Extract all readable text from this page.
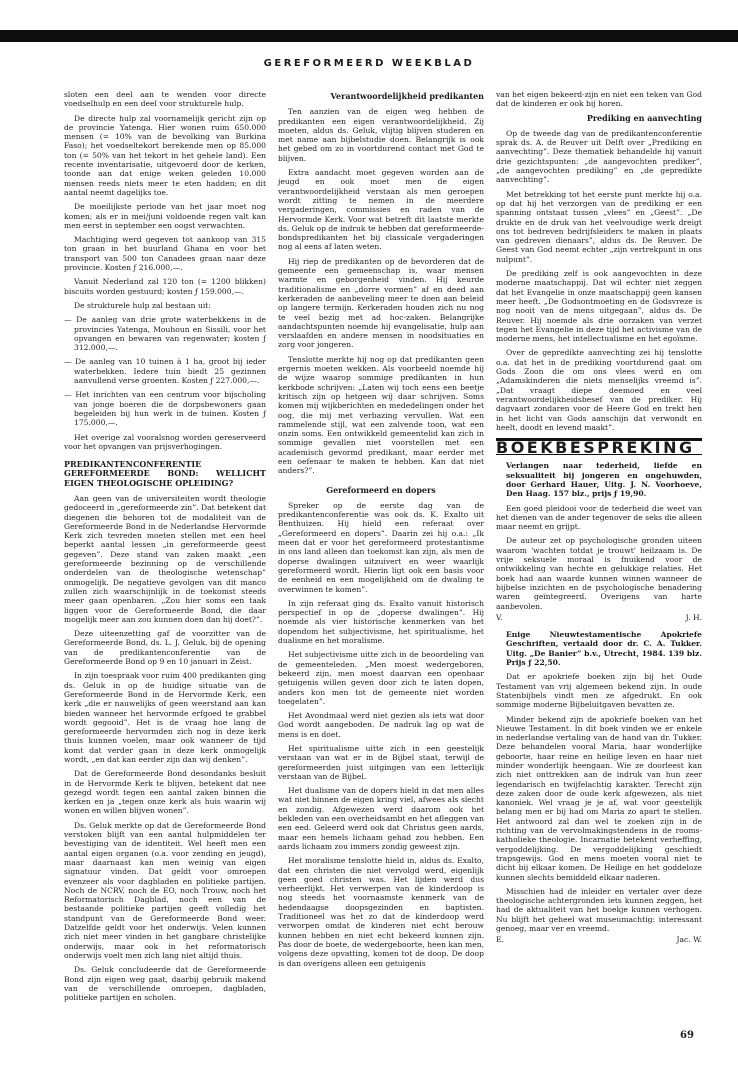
GEREFORMEERD WEEKBLAD

sloten een deel aan te wenden voor directe voedselhulp en een deel voor strukturele hulp.

De directe hulp zal voornamelijk gericht zijn op de provincie Yatenga. Hier wonen ruim 650.000 mensen (= 10% van de bevolking van Burkina Faso); het voedseltekort berekende men op 85.000 ton (= 50% van het tekort in het gehele land). Een recente inventarisatie, uitgevoerd door de kerken, toonde aan dat enige weken geleden 10.000 mensen reeds niets meer te eten hadden; en dit aantal neemt dagelijks toe.

De moeilijkste periode van het jaar moet nog komen; als er in mei/juni voldoende regen valt kan men eerst in september een oogst verwachten.

Machtiging werd gegeven tot aankoop van 315 ton graan in het buurland Ghana en voor het transport van 500 ton Canadees graan naar deze provincie. Kosten ƒ 216.000,—.

Vanuit Nederland zal 120 ton (= 1200 blikken) biscuits worden gestuurd; kosten ƒ 159.000,—.

De strukturele hulp zal bestaan uit:

— De aanleg van drie grote waterbekkens in de provincies Yatenga, Mouhoun en Sissili, voor het opvangen en bewaren van regenwater; kosten ƒ 312.000,—.
— De aanleg van 10 tuinen à 1 ha, groot bij ieder waterbekken. Iedere tuin biedt 25 gezinnen aanvullend verse groenten. Kosten ƒ 227.000,—.
— Het inrichten van een centrum voor bijscholing van jonge boeren die de dorpsbewoners gaan begeleiden bij hun werk in de tuinen. Kosten ƒ 175.000,—.

Het overige zal vooralsnog worden gereserveerd voor het opvangen van prijsverhogingen.

PREDIKANTENCONFERENTIE GEREFORMEERDE BOND: WELLICHT EIGEN THEOLOGISCHE OPLEIDING?

Aan geen van de universiteiten wordt theologie gedoceerd in „gereformeerde zin”. Dat betekent dat diegenen die behoren tot de modaliteit van de Gereformeerde Bond in de Nederlandse Hervormde Kerk zich tevreden moeten stellen met een heel beperkt aantal lessen „in gereformeerde geest gegeven”. Deze stand van zaken maakt „een gereformeerde bezinning op de verschillende onderdelen van de theologische wetenschap” onmogelijk. De negatieve gevolgen van dit manco zullen zich waarschijnlijk in de toekomst steeds meer gaan openbaren. „Zou hier soms een taak liggen voor de Gereformeerde Bond, die daar mogelijk meer aan zou kunnen doen dan hij doet?”.

Deze uiteenzetting gaf de voorzitter van de Gereformeerde Bond, ds. L. J. Geluk, bij de opening van de predikantenconferentie van de Gereformeerde Bond op 9 en 10 januari in Zeist.

In zijn toespraak voor ruim 400 predikanten ging ds. Geluk in op de huidige situatie van de Gereformeerde Bond in de Hervormde Kerk, een kerk „die er nauwelijks of geen weerstand aan kan bieden wanneer het hervormde erfgoed te grabbel wordt gegooid”. Het is de vraag hoe lang de gereformeerde hervormden zich nog in deze kerk thuis kunnen voelen, maar ook wanneer de tijd komt dat verder gaan in deze kerk onmogelijk wordt, „en dat kan eerder zijn dan wij denken”.

Dat de Gereformeerde Bond desondanks besluit in de Hervormde Kerk te blijven, betekent dat nee gezegd wordt tegen een aantal zaken binnen die kerken en ja „tegen onze kerk als huis waarin wij wonen en willen blijven wonen”.

Ds. Geluk merkte op dat de Gereformeerde Bond verstoken blijft van een aantal hulpmiddelen ter bevestiging van de identiteit. Wel heeft men een aantal eigen organen (o.a. voor zending en jeugd), maar daarnaast kan men weinig van eigen signatuur vinden. Dat geldt voor omroepen evenzeer als voor dagbladen en politieke partijen. Noch de NCRV, noch de EO, noch Trouw, noch het Reformatorisch Dagblad, noch een van de bestaande politieke partijen geeft volledig het standpunt van de Gereformeerde Bond weer. Datzelfde geldt voor het onderwijs. Velen kunnen zich niet meer vinden in het gangbare christelijke onderwijs, maar ook in het reformatorisch onderwijs voelt men zich lang niet altijd thuis.

Ds. Geluk concludeerde dat de Gereformeerde Bond zijn eigen weg gaat, daarbij gebruik makend van de verschillende omroepen, dagbladen, politieke partijen en scholen.

Verantwoordelijkheid predikanten

Ten aanzien van de eigen weg hebben de predikanten een eigen verantwoordelijkheid. Zij moeten, aldus ds. Geluk, vlijtig blijven studeren en met name aan bijbelstudie doen. Belangrijk is ook het gebed om zo in voortdurend contact met God te blijven.

Extra aandacht moet gegeven worden aan de jeugd en ook moet men de eigen verantwoordelijkheid verstaan als men geroepen wordt zitting te nemen in de meerdere vergaderingen, commissies en raden van de Hervormde Kerk. Voor wat betreft dit laatste merkte ds. Geluk op de indruk te hebben dat gereformeerde-bondspredikanten het bij classicale vergaderingen nog al eens af laten weten.

Hij riep de predikanten op de bevorderen dat de gemeente een gemeenschap is, waar mensen warmte en geborgenheid vinden. Hij keurde traditionalisme en „dorre vormen” af en deed aan kerkeraden de aanbeveling meer te doen aan beleid op langere termijn. Kerkeraden houden zich nu nog te veel bezig met ad hoc-zaken. Belangrijke aandachtspunten noemde hij evangelisatie, hulp aan verslaafden en andere mensen in noodsituaties en zorg voor jongeren.

Tenslotte merkte hij nog op dat predikanten geen ergernis moeten wekken. Als voorbeeld noemde hij de wijze waarop sommige predikanten in hun kerkbode schrijven: „Laten wij toch eens een beetje kritisch zijn op hetgeen wij daar schrijven. Soms komen mij wijkberichten en mededelingen onder het oog, die mij met verbazing vervullen. Wat een rammelende stijl, wat een zalvende toon, wat een onzin soms. Een ontwikkeld gemeentelid kan zich in sommige gevallen niet voorstellen met een academisch gevormd predikant, maar eerder met een oefenaar te maken te hebben. Kan dat niet anders?”.

Gereformeerd en dopers

Spreker op de eerste dag van de predikantenconferentie was ook ds. K. Exalto uit Benthuizen. Hij hield een referaat over „Gereformeerd en dopers”. Daarin zei hij o.a.: „Ik meen dat er voor het gereformeerd protestantisme in ons land alleen dan toekomst kan zijn, als men de doperse dwalingen uitzuivert en weer waarlijk gereformeerd wordt. Hierin ligt ook een basis voor de eenheid en een mogelijkheid om de dwaling te overwinnen te komen”.

In zijn referaat ging ds. Exalto vanuit historisch perspectief in op de „doperse dwalingen”. Hij noemde als vier historische kenmerken van het dopendom het subjectivisme, het spiritualisme, het dualisme en het moralisme.

Het subjectivisme uitte zich in de beoordeling van de gemeenteleden. „Men moest wedergeboren, bekeerd zijn, men moest daarvan een openbaar getuigenis willen geven door zich te laten dopen, anders kon men tot de gemeente niet worden toegelaten”.

Het Avondmaal werd niet gezien als iets wat door God wordt aangeboden. De nadruk lag op wat de mens is en doet.

Het spiritualisme uitte zich in een geestelijk verstaan van wat er in de Bijbel staat, terwijl de gereformeerden juist uitgingen van een letterlijk verstaan van de Bijbel.

Het dualisme van de dopers hield in dat men alles wat niet binnen de eigen kring viel, afwees als slecht en zondig. Afgewezen werd daarom ook het bekleden van een overheidsambt en het afleggen van een eed. Geleerd werd ook dat Christus geen aards, maar een hemels lichaam gehad zou hebben. Een aards lichaam zou immers zondig geweest zijn.

Het moralisme tenslotte hield in, aldus ds. Exalto, dat een christen die niet vervolgd werd, eigenlijk geen goed christen was. Het lijden werd dus verheerlijkt. Het verwerpen van de kinderdoop is nog steeds het voornaamste kenmerk van de hedendaagse doopsgezinden en baptisten. Traditioneel was het zo dat de kinderdoop werd verworpen omdat de kinderen niet echt berouw kunnen hebben en niet echt bekeerd kunnen zijn. Pas door de boete, de wedergeboorte, heen kan men, volgens deze opvatting, komen tot de doop. De doop is dan overigens alleen een getuigenis

van het eigen bekeerd-zijn en niet een teken van God dat de kinderen er ook bij horen.

Prediking en aanvechting

Op de tweede dag van de predikantenconferentie sprak ds. A. de Reuver uit Delft over „Prediking en aanvechting”. Deze thematiek behandelde hij vanuit drie gezichtspunten: „de aangevochten prediker”, „de aangevochten prediking” en „de gepredikte aanvechting”.

Met betrekking tot het eerste punt merkte hij o.a. op dat hij het verzorgen van de prediking er een spanning ontstaat tussen „vlees” en „Geest”. „De drukte en de druk van het veelvoudige werk dreigt ons tot bedreven bedrijfsleiders te maken in plaats van gedreven dienaars”, aldus ds. De Reuver. De Geest van God neemt echter „zijn vertrekpunt in ons nulpunt”.

De prediking zelf is ook aangevochten in deze moderne maatschappij. Dat wil echter niet zeggen dat het Evangelie in onze maatschappij geen kansen meer heeft. „De Godsontmoeting en de Godsvreze is nog nooit van de mens uitgegaan”, aldus ds. De Reuver. Hij noemde als drie oorzaken van verzet tegen het Evangelie in deze tijd het activisme van de moderne mens, het intellectualisme en het egoïsme.

Over de gepredikte aanvechting zei hij tenslotte o.a. dat het in de prediking voortdurend gaat om Gods Zoon die om ons vlees werd en om „Adamskinderen die niets menselijks vreemd is”. „Dat vraagt diepe deemoed en veel verantwoordelijkheidsbesef van de prediker. Hij dagvaart zondaren voor de Heere God en trekt hen in het licht van Gods aanschijn dat verwondt en heelt, doodt en levend maakt”.

BOEKBESPREKING
Verlangen naar tederheid, liefde en seksualiteit bij jongeren en ongehuwden, door Gerhard Hauer, Uitg. J. N. Voorhoeve, Den Haag. 157 blz., prijs ƒ 19,90.

Een goed pleidooi voor de tederheid die weet van het dienen van de ander tegenover de seks die alleen maar neemt en grijpt.

De auteur zet op psychologische gronden uiteen waarom 'wachten totdat je trouwt' heilzaam is. De vrije seksuele moraal is fnuikend voor de ontwikkeling van hechte en gelukkige relaties. Het boek had aan waarde kunnen winnen wanneer de bijbelse inzichten en de psychologische benadering waren geïntegreerd. Overigens van harte aanbevolen.

V.	J. H.
Enige Nieuwtestamentische Apokriefe Geschriften, vertaald door dr. C. A. Tukker. Uitg. „De Banier” b.v., Utrecht, 1984. 139 blz. Prijs ƒ 22,50.

Dat er apokriefe boeken zijn bij het Oude Testament van vrij algemeen bekend zijn. In oude Statenbijbels vindt men ze afgedrukt. En ook sommige moderne Bijbeluitgaven bevatten ze.

Minder bekend zijn de apokriefe boeken van het Nieuwe Testament. In dit boek vinden we er enkele in nederlandse vertaling van de hand van dr. Tukker. Deze behandelen vooral Maria, haar wonderlijke geboorte, haar reine en heilige leven en haar niet minder wonderlijk heengaan. Wie ze doorleest kan zich niet onttrekken aan de indruk van hun zeer legendarisch en twijfelachtig karakter. Terecht zijn deze zaken door de oude kerk afgewezen, als niet kanoniek. Wel vraag je je af, wat voor geestelijk belang men er bij had om Maria zo apart te stellen. Het antwoord zal dan wel te zoeken zijn in de richting van de vervolmakingstendens in de rooms-katholieke theologie. Incarnatie betekent verheffing, vergoddelijking. De vergoddelijking geschiedt trapsgewijs. God en mens moeten vooral niet te dicht bij elkaar komen. De Heilige en het goddeloze kunnen slechts bemiddeld elkaar naderen.

Misschien had de inleider en vertaler over deze theologische achtergronden iets kunnen zeggen, het had de aktualiteit van het boekje kunnen verhogen. Nu blijft het geheel wat museumachtig: interessant genoeg, maar ver en vreemd.

E.	Jac. W.
69
